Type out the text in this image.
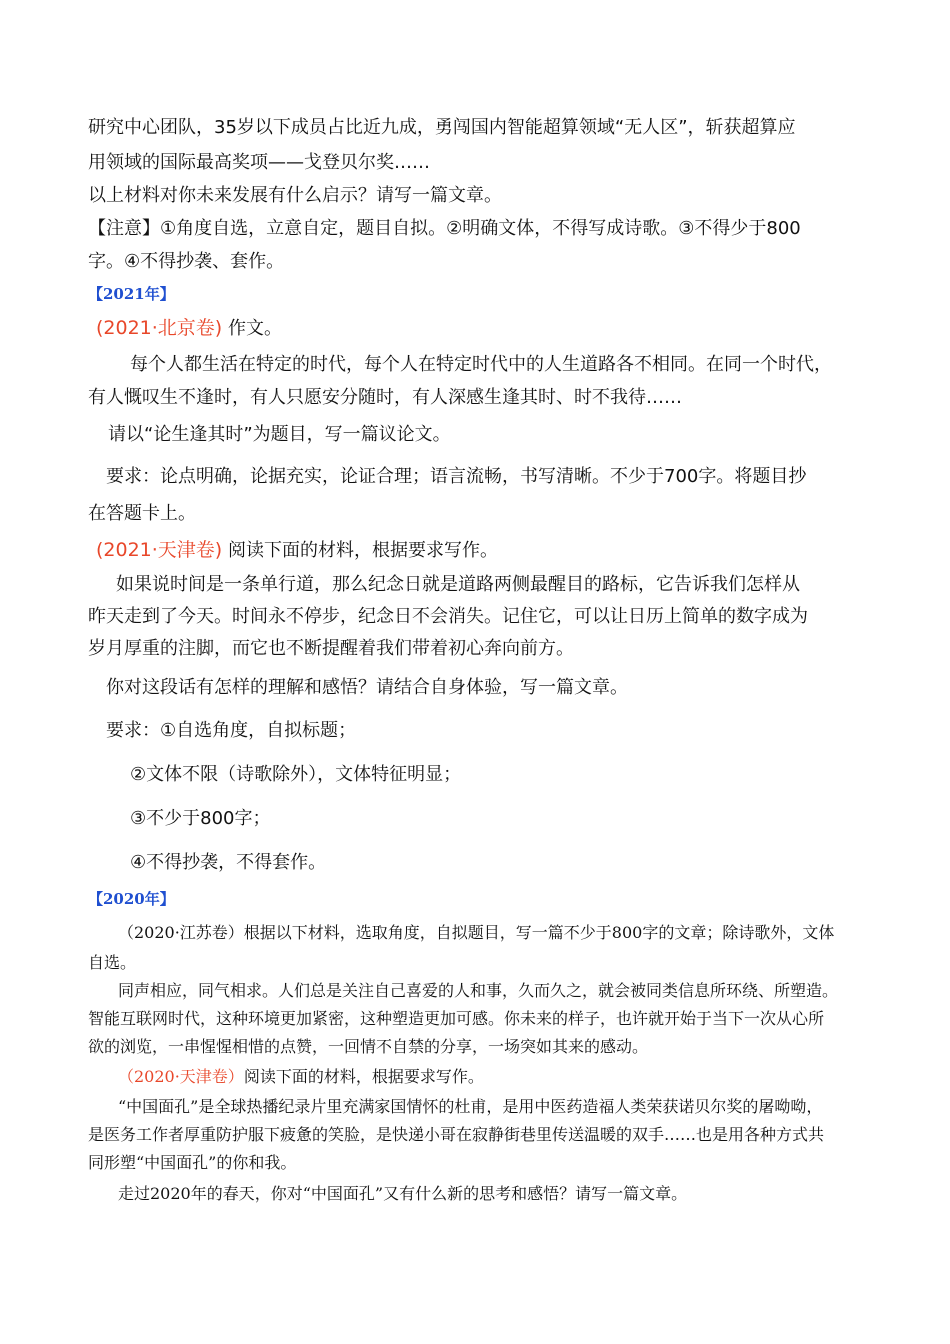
研究中心团队，35岁以下成员占比近九成，勇闯国内智能超算领域“无人区”，斩获超算应
用领域的国际最高奖项——戈登贝尔奖……
以上材料对你未来发展有什么启示？请写一篇文章。
【注意】①角度自选，立意自定，题目自拟。②明确文体，不得写成诗歌。③不得少于800
字。④不得抄袭、套作。
【2021年】
(2021·北京卷) 作文。
每个人都生活在特定的时代，每个人在特定时代中的人生道路各不相同。在同一个时代，
有人慨叹生不逢时，有人只愿安分随时，有人深感生逢其时、时不我待……
请以“论生逢其时”为题目，写一篇议论文。
要求：论点明确，论据充实，论证合理；语言流畅，书写清晰。不少于700字。将题目抄
在答题卡上。
(2021·天津卷) 阅读下面的材料，根据要求写作。
如果说时间是一条单行道，那么纪念日就是道路两侧最醒目的路标，它告诉我们怎样从
昨天走到了今天。时间永不停步，纪念日不会消失。记住它，可以让日历上简单的数字成为
岁月厚重的注脚，而它也不断提醒着我们带着初心奔向前方。
你对这段话有怎样的理解和感悟？请结合自身体验，写一篇文章。
要求：①自选角度，自拟标题；
②文体不限（诗歌除外），文体特征明显；
③不少于800字；
④不得抄袭，不得套作。
【2020年】
（2020·江苏卷）根据以下材料，选取角度，自拟题目，写一篇不少于800字的文章；除诗歌外，文体
自选。
同声相应，同气相求。人们总是关注自己喜爱的人和事，久而久之，就会被同类信息所环绕、所塑造。
智能互联网时代，这种环境更加紧密，这种塑造更加可感。你未来的样子，也许就开始于当下一次从心所
欲的浏览，一串惺惺相惜的点赞，一回情不自禁的分享，一场突如其来的感动。
（2020·天津卷）阅读下面的材料，根据要求写作。
“中国面孔”是全球热播纪录片里充满家国情怀的杜甫，是用中医药造福人类荣获诺贝尔奖的屠呦呦，
是医务工作者厚重防护服下疲惫的笑脸，是快递小哥在寂静街巷里传送温暖的双手……也是用各种方式共
同形塑“中国面孔”的你和我。
走过2020年的春天，你对“中国面孔”又有什么新的思考和感悟？请写一篇文章。
